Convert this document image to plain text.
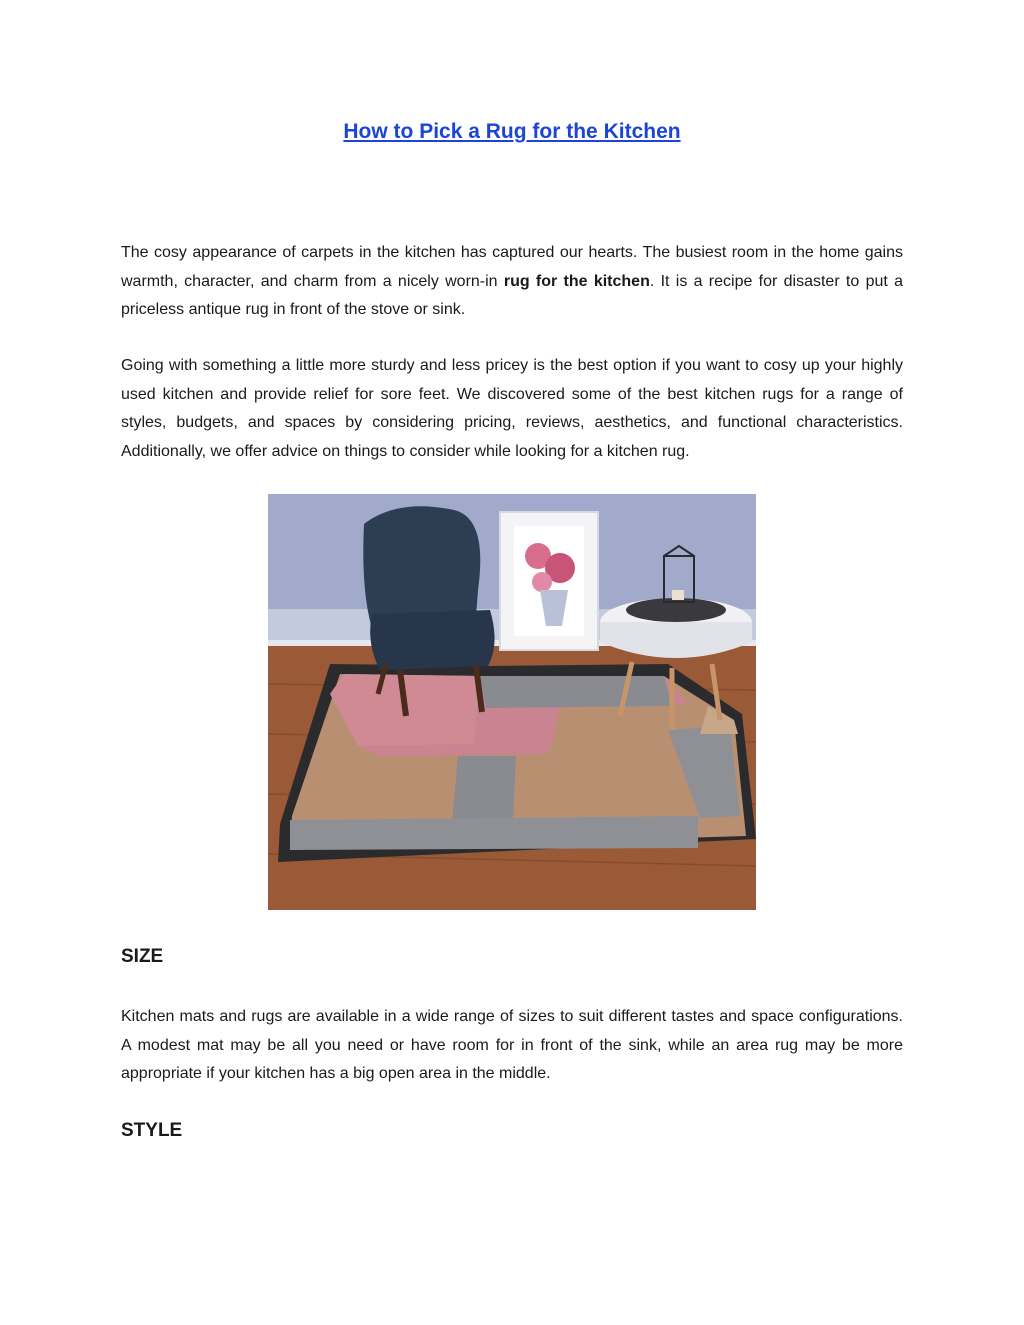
How to Pick a Rug for the Kitchen

The cosy appearance of carpets in the kitchen has captured our hearts. The busiest room in the home gains warmth, character, and charm from a nicely worn-in rug for the kitchen. It is a recipe for disaster to put a priceless antique rug in front of the stove or sink.

Going with something a little more sturdy and less pricey is the best option if you want to cosy up your highly used kitchen and provide relief for sore feet. We discovered some of the best kitchen rugs for a range of styles, budgets, and spaces by considering pricing, reviews, aesthetics, and functional characteristics. Additionally, we offer advice on things to consider while looking for a kitchen rug.

SIZE

Kitchen mats and rugs are available in a wide range of sizes to suit different tastes and space configurations. A modest mat may be all you need or have room for in front of the sink, while an area rug may be more appropriate if your kitchen has a big open area in the middle.

STYLE
